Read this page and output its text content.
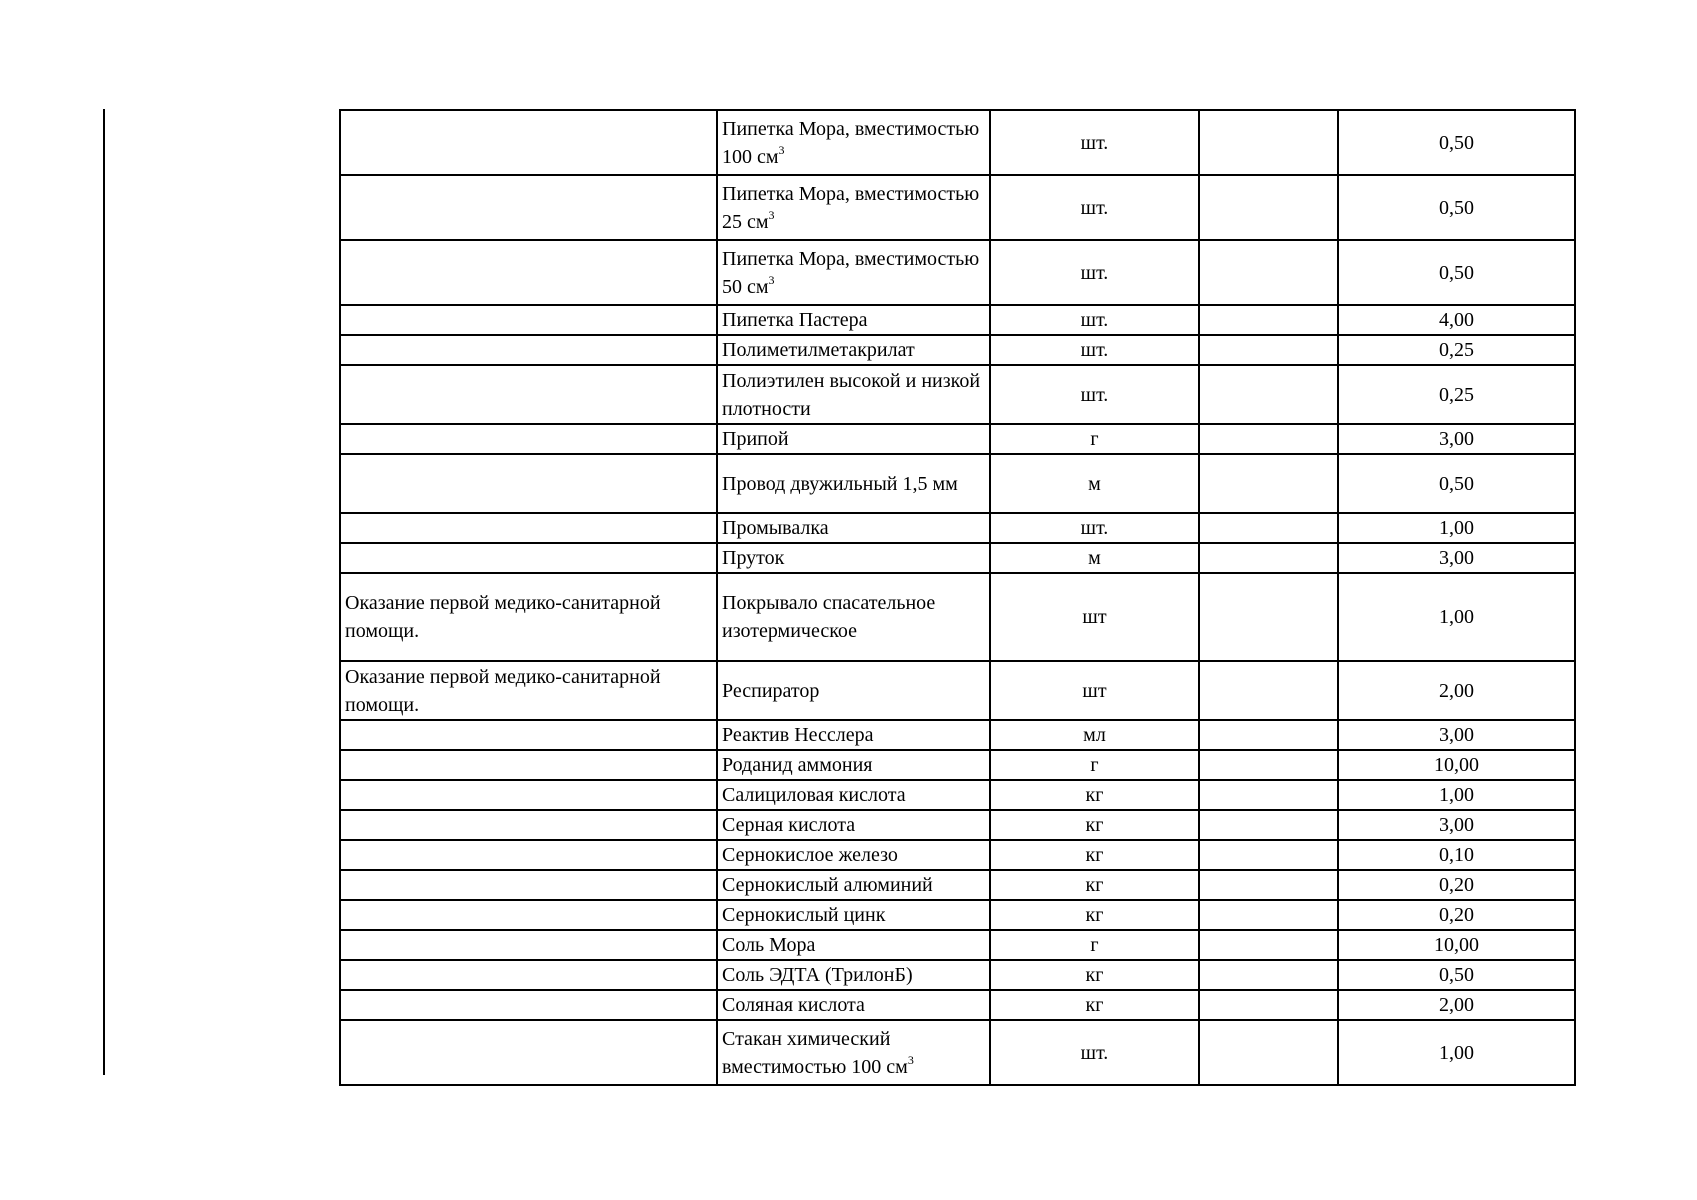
	Пипетка Мора, вместимостью 100 $см^3$	шт.		0,50
	Пипетка Мора, вместимостью 25 $см^3$	шт.		0,50
	Пипетка Мора, вместимостью 50 $см^3$	шт.		0,50
	Пипетка Пастера	шт.		4,00
	Полиметилметакрилат	шт.		0,25
	Полиэтилен высокой и низкой плотности	шт.		0,25
	Припой	г		3,00
	Провод двужильный 1,5 мм	м		0,50
	Промывалка	шт.		1,00
	Пруток	м		3,00
Оказание первой медико-санитарной помощи.	Покрывало спасательное изотермическое	шт		1,00
Оказание первой медико-санитарной помощи.	Респиратор	шт		2,00
	Реактив Несслера	мл		3,00
	Роданид аммония	г		10,00
	Салициловая кислота	кг		1,00
	Серная кислота	кг		3,00
	Сернокислое железо	кг		0,10
	Сернокислый алюминий	кг		0,20
	Сернокислый цинк	кг		0,20
	Соль Мора	г		10,00
	Соль ЭДТА (ТрилонБ)	кг		0,50
	Соляная кислота	кг		2,00
	Стакан химический вместимостью 100 $см^3$	шт.		1,00
